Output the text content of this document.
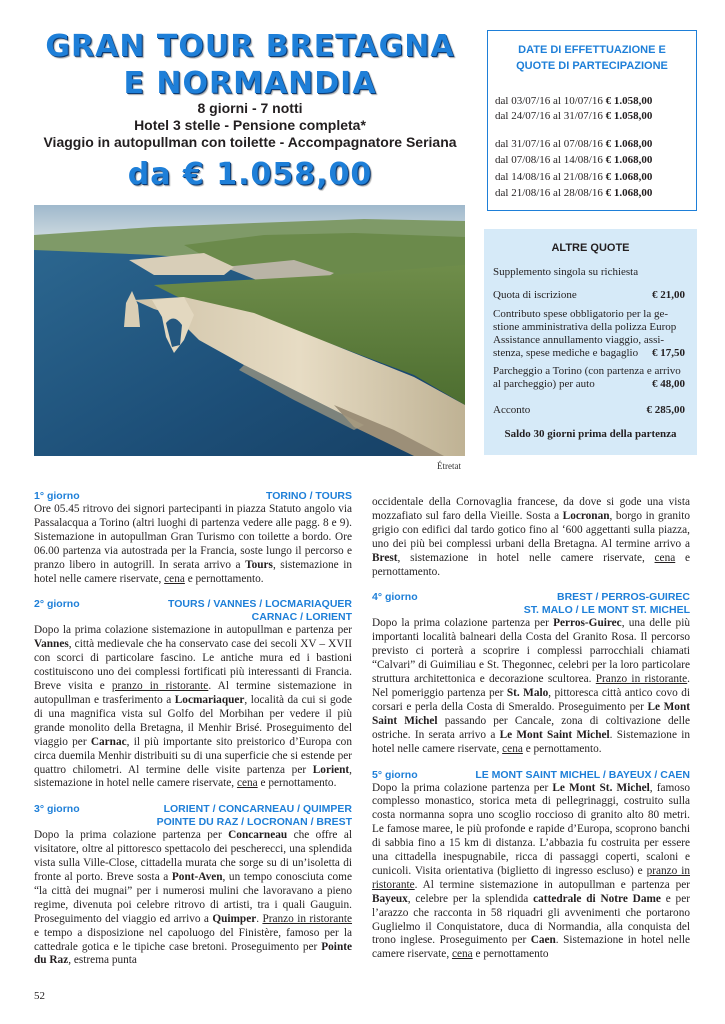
GRAN TOUR BRETAGNA
E NORMANDIA
8 giorni - 7 notti
Hotel 3 stelle - Pensione completa*
Viaggio in autopullman con toilette - Accompagnatore Seriana
da € 1.058,00
Étretat
DATE DI EFFETTUAZIONE E
QUOTE DI PARTECIPAZIONE
dal 03/07/16 al 10/07/16 € 1.058,00
dal 24/07/16 al 31/07/16 € 1.058,00
dal 31/07/16 al 07/08/16 € 1.068,00
dal 07/08/16 al 14/08/16 € 1.068,00
dal 14/08/16 al 21/08/16 € 1.068,00
dal 21/08/16 al 28/08/16 € 1.068,00
ALTRE QUOTE
Supplemento singola su richiesta
Quota di iscrizione	€ 21,00
Contributo spese obbligatorio per la ge-
stione amministrativa della polizza Europ
Assistance annullamento viaggio, assi-
stenza, spese mediche e bagaglio € 17,50
Parcheggio a Torino (con partenza e arrivo
al parcheggio) per auto	€ 48,00
Acconto	€ 285,00
Saldo 30 giorni prima della partenza
1° giorno	TORINO / TOURS

Ore 05.45 ritrovo dei signori partecipanti in piazza Statuto angolo via Passalacqua a Torino (altri luoghi di partenza vedere alle pagg. 8 e 9). Sistemazione in autopullman Gran Turismo con toilette a bordo. Ore 06.00 partenza via autostrada per la Francia, soste lungo il percorso e pranzo libero in autogrill. In serata arrivo a Tours, sistemazione in hotel nelle camere riservate, cena e pernottamento.

2° giorno	TOURS / VANNES / LOCMARIAQUER
CARNAC / LORIENT

Dopo la prima colazione sistemazione in autopullman e partenza per Vannes, città medievale che ha conservato case dei secoli XV – XVII con scorci di particolare fascino. Le antiche mura ed i bastioni costituiscono uno dei complessi fortificati più interessanti di Francia. Breve visita e pranzo in ristorante. Al termine sistemazione in autopullman e trasferimento a Locmariaquer, località da cui si gode di una magnifica vista sul Golfo del Morbihan per vedere il più grande monolito della Bretagna, il Menhir Brisé. Proseguimento del viaggio per Carnac, il più importante sito preistorico d’Europa con circa duemila Menhir distribuiti su di una superficie che si estende per quattro chilometri. Al termine delle visite partenza per Lorient, sistemazione in hotel nelle camere riservate, cena e pernottamento.

3° giorno	LORIENT / CONCARNEAU / QUIMPER
POINTE DU RAZ / LOCRONAN / BREST

Dopo la prima colazione partenza per Concarneau che offre al visitatore, oltre al pittoresco spettacolo dei pescherecci, una splendida vista sulla Ville-Close, cittadella murata che sorge su di un’isoletta di fronte al porto. Breve sosta a Pont-Aven, un tempo conosciuta come “la città dei mugnai” per i numerosi mulini che lavoravano a pieno regime, divenuta poi celebre ritrovo di artisti, tra i quali Gauguin. Proseguimento del viaggio ed arrivo a Quimper. Pranzo in ristorante e tempo a disposizione nel capoluogo del Finistère, famoso per la cattedrale gotica e le tipiche case bretoni. Proseguimento per Pointe du Raz, estrema punta

occidentale della Cornovaglia francese, da dove si gode una vista mozzafiato sul faro della Vieille. Sosta a Locronan, borgo in granito grigio con edifici dal tardo gotico fino al ‘600 aggettanti sulla piazza, uno dei più bei complessi urbani della Bretagna. Al termine arrivo a Brest, sistemazione in hotel nelle camere riservate, cena e pernottamento.

4° giorno	BREST / PERROS-GUIREC
ST. MALO / LE MONT ST. MICHEL

Dopo la prima colazione partenza per Perros-Guirec, una delle più importanti località balneari della Costa del Granito Rosa. Il percorso previsto ci porterà a scoprire i complessi parrocchiali chiamati “Calvari” di Guimiliau e St. Thegonnec, celebri per la loro particolare struttura architettonica e decorazione scultorea. Pranzo in ristorante. Nel pomeriggio partenza per St. Malo, pittoresca città antico covo di corsari e perla della Costa di Smeraldo. Proseguimento per Le Mont Saint Michel passando per Cancale, zona di coltivazione delle ostriche. In serata arrivo a Le Mont Saint Michel. Sistemazione in hotel nelle camere riservate, cena e pernottamento.

5° giorno	LE MONT SAINT MICHEL / BAYEUX / CAEN

Dopo la prima colazione partenza per Le Mont St. Michel, famoso complesso monastico, storica meta di pellegrinaggi, costruito sulla costa normanna sopra uno scoglio roccioso di granito alto 80 metri. Le famose maree, le più profonde e rapide d’Europa, scoprono banchi di sabbia fino a 15 km di distanza. L’abbazia fu costruita per essere una cittadella inespugnabile, ricca di passaggi coperti, scaloni e cunicoli. Visita orientativa (biglietto di ingresso escluso) e pranzo in ristorante. Al termine sistemazione in autopullman e partenza per Bayeux, celebre per la splendida cattedrale di Notre Dame e per l’arazzo che racconta in 58 riquadri gli avvenimenti che portarono Guglielmo il Conquistatore, duca di Normandia, alla conquista del trono inglese. Proseguimento per Caen. Sistemazione in hotel nelle camere riservate, cena e pernottamento

52
